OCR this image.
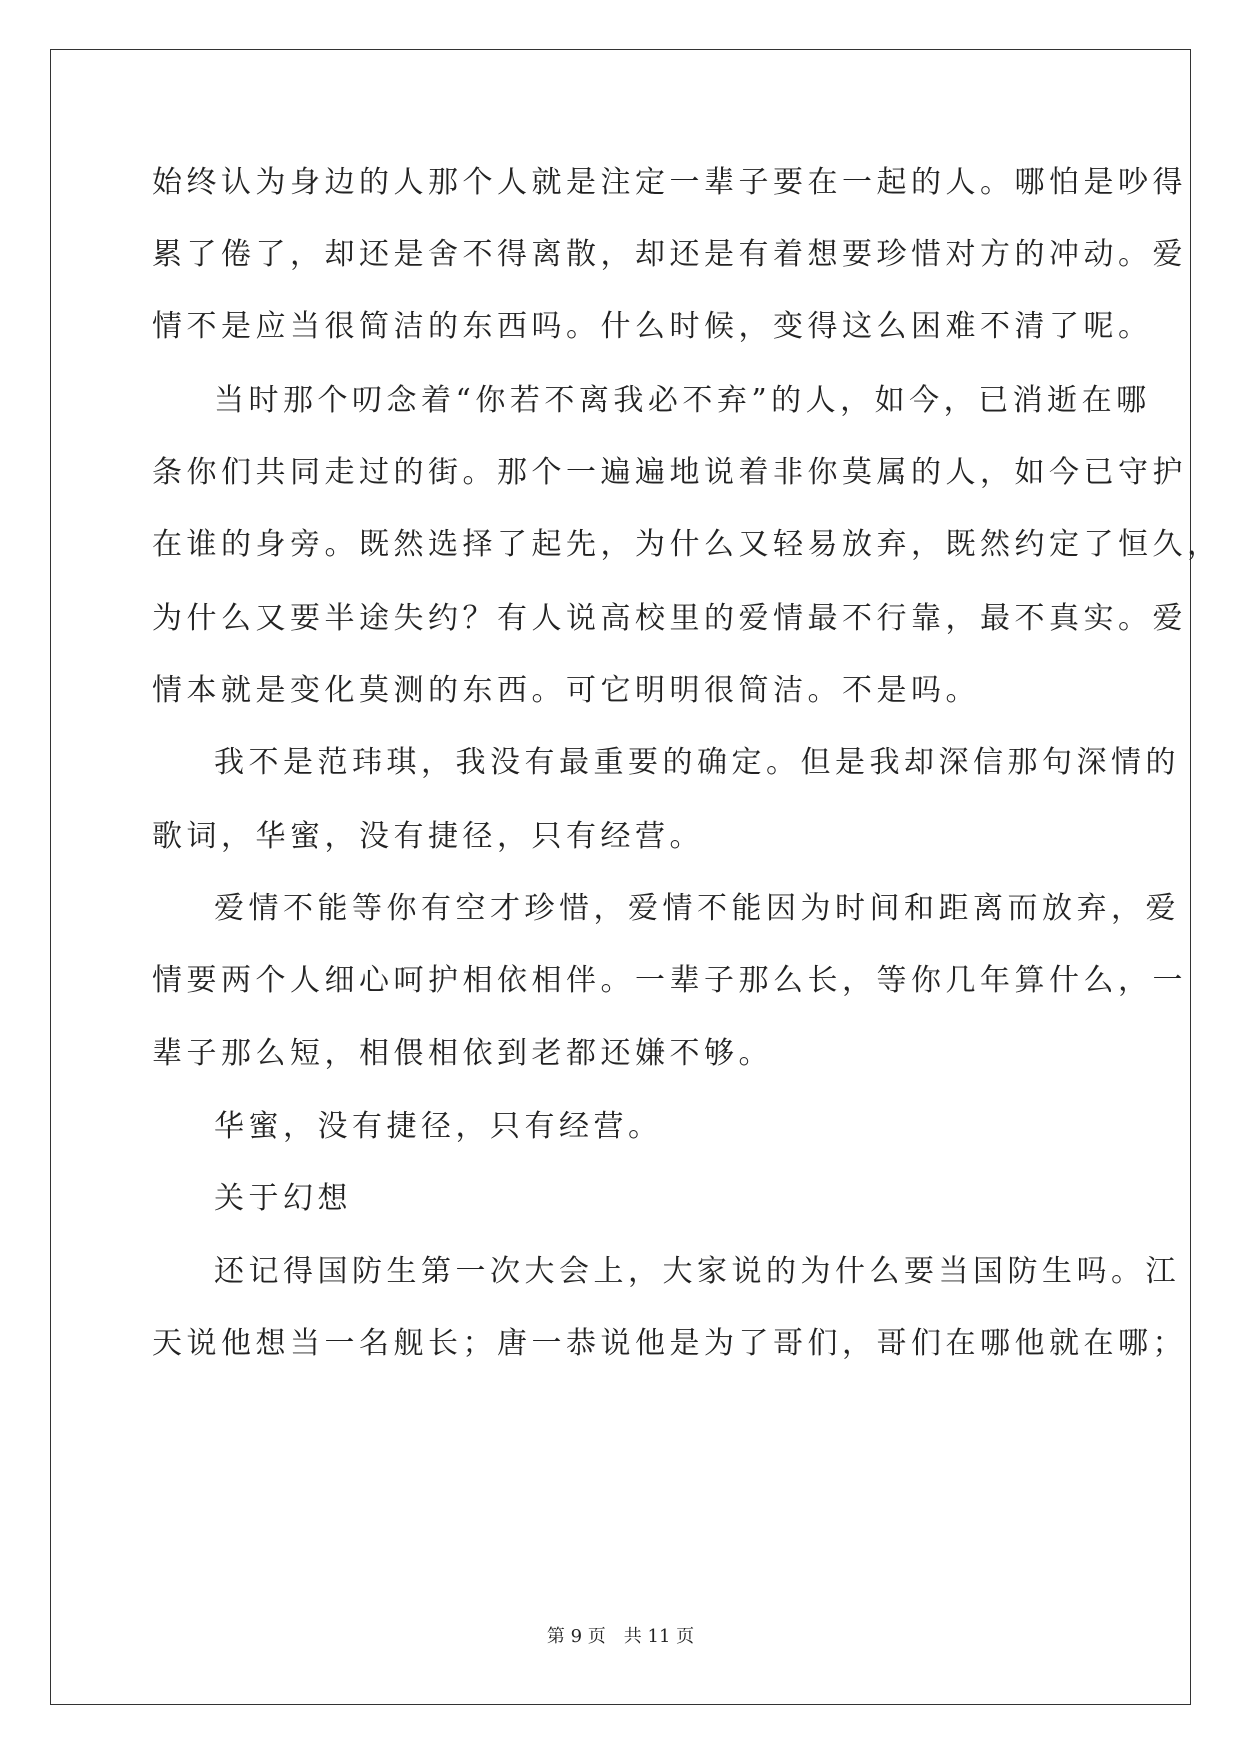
始终认为身边的人那个人就是注定一辈子要在一起的人。哪怕是吵得
累了倦了，却还是舍不得离散，却还是有着想要珍惜对方的冲动。爱
情不是应当很简洁的东西吗。什么时候，变得这么困难不清了呢。
当时那个叨念着“你若不离我必不弃”的人，如今，已消逝在哪
条你们共同走过的街。那个一遍遍地说着非你莫属的人，如今已守护
在谁的身旁。既然选择了起先，为什么又轻易放弃，既然约定了恒久，
为什么又要半途失约？有人说高校里的爱情最不行靠，最不真实。爱
情本就是变化莫测的东西。可它明明很简洁。不是吗。
我不是范玮琪，我没有最重要的确定。但是我却深信那句深情的
歌词，华蜜，没有捷径，只有经营。
爱情不能等你有空才珍惜，爱情不能因为时间和距离而放弃，爱
情要两个人细心呵护相依相伴。一辈子那么长，等你几年算什么，一
辈子那么短，相偎相依到老都还嫌不够。
华蜜，没有捷径，只有经营。
关于幻想
还记得国防生第一次大会上，大家说的为什么要当国防生吗。江
天说他想当一名舰长；唐一恭说他是为了哥们，哥们在哪他就在哪；
第 9 页 共 11 页
